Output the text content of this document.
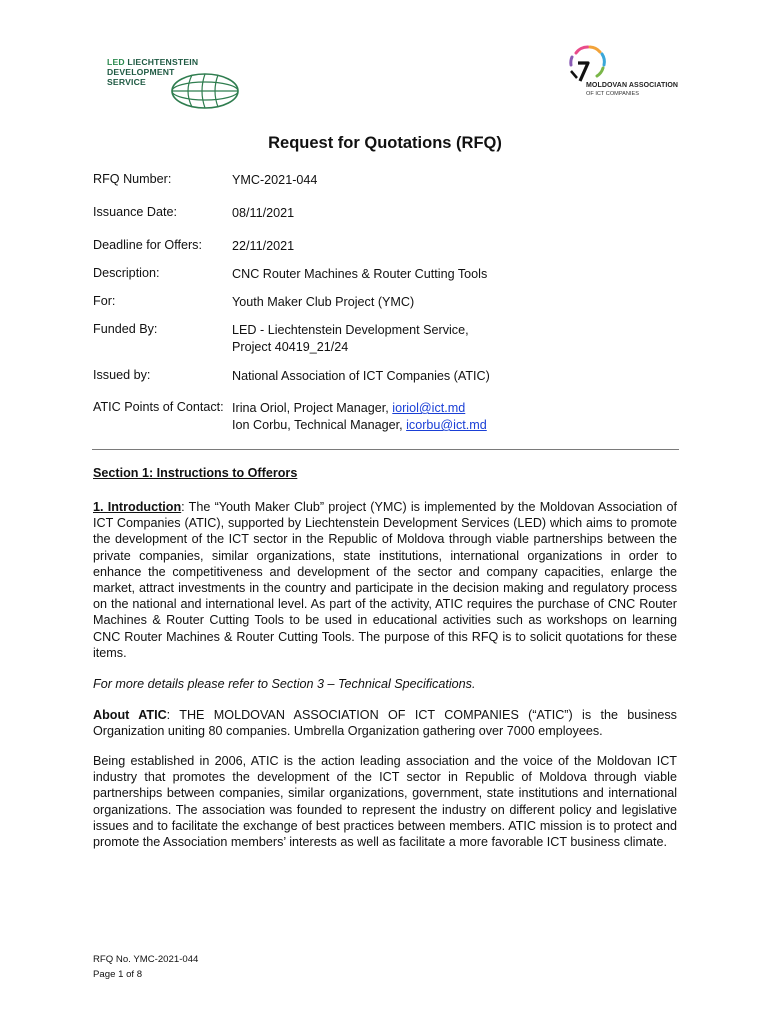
LED LIECHTENSTEIN
DEVELOPMENT
SERVICE	MOLDOVAN ASSOCIATION
OF ICT COMPANIES
Request for Quotations (RFQ)
RFQ Number:	YMC-2021-044
Issuance Date:	08/11/2021
Deadline for Offers: 22/11/2021
Description:	CNC Router Machines & Router Cutting Tools
For:	Youth Maker Club Project (YMC)
Funded By:	LED - Liechtenstein Development Service,
Project 40419_21/24
Issued by:	National Association of ICT Companies (ATIC)
ATIC Points of Contact: Irina Oriol, Project Manager, ioriol@ict.md
Ion Corbu, Technical Manager, icorbu@ict.md
Section 1: Instructions to Offerors
1. Introduction: The “Youth Maker Club” project (YMC) is implemented by the Moldovan Association of ICT Companies (ATIC), supported by Liechtenstein Development Services (LED) which aims to promote the development of the ICT sector in the Republic of Moldova through viable partnerships between the private companies, similar organizations, state institutions, international organizations in order to enhance the competitiveness and development of the sector and company capacities, enlarge the market, attract investments in the country and participate in the decision making and regulatory process on the national and international level. As part of the activity, ATIC requires the purchase of CNC Router Machines & Router Cutting Tools to be used in educational activities such as workshops on learning CNC Router Machines & Router Cutting Tools. The purpose of this RFQ is to solicit quotations for these items.
For more details please refer to Section 3 – Technical Specifications.
About ATIC: THE MOLDOVAN ASSOCIATION OF ICT COMPANIES (“ATIC”) is the business Organization uniting 80 companies. Umbrella Organization gathering over 7000 employees.
Being established in 2006, ATIC is the action leading association and the voice of the Moldovan ICT industry that promotes the development of the ICT sector in Republic of Moldova through viable partnerships between companies, similar organizations, government, state institutions and international organizations. The association was founded to represent the industry on different policy and legislative issues and to facilitate the exchange of best practices between members. ATIC mission is to protect and promote the Association members’ interests as well as facilitate a more favorable ICT business climate.
RFQ No. YMC-2021-044
Page 1 of 8
